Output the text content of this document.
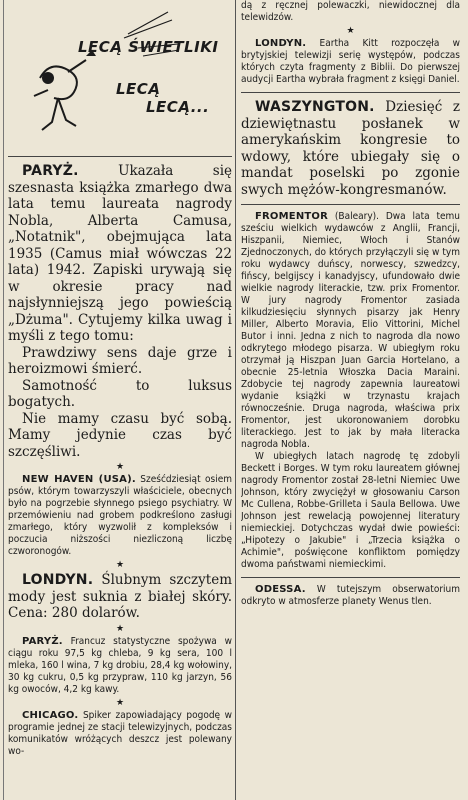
LECĄ ŚWIETLIKI
LECĄ
LECĄ...

PARYŻ. Ukazała się szesnasta książka zmarłego dwa lata temu laureata nagrody Nobla, Alberta Camusa, „Notatnik", obejmująca lata 1935 (Camus miał wówczas 22 lata) 1942. Zapiski urywają się w okresie pracy nad najsłynniejszą jego powieścią „Dżuma". Cytujemy kilka uwag i myśli z tego tomu:

Prawdziwy sens daje grze i heroizmowi śmierć.

Samotność to luksus bogatych.

Nie mamy czasu być sobą. Mamy jedynie czas być szczęśliwi.

★

NEW HAVEN (USA). Sześćdziesiąt osiem psów, którym towarzyszyli właściciele, obecnych było na pogrzebie słynnego psiego psychiatry. W przemówieniu nad grobem podkreślono zasługi zmarłego, który wyzwolił z kompleksów i poczucia niższości niezliczoną liczbę czworonogów.

★

LONDYN. Ślubnym szczytem mody jest suknia z białej skóry. Cena: 280 dolarów.

★

PARYŻ. Francuz statystyczne spożywa w ciągu roku 97,5 kg chleba, 9 kg sera, 100 l mleka, 160 l wina, 7 kg drobiu, 28,4 kg wołowiny, 30 kg cukru, 0,5 kg przypraw, 110 kg jarzyn, 56 kg owoców, 4,2 kg kawy.

★

CHICAGO. Spiker zapowiadający pogodę w programie jednej ze stacji telewizyjnych, podczas komunikatów wróżących deszcz jest polewany wo-

dą z ręcznej polewaczki, niewidocznej dla telewidzów.

★

LONDYN. Eartha Kitt rozpoczęła w brytyjskiej telewizji serię występów, podczas których czyta fragmenty z Biblii. Do pierwszej audycji Eartha wybrała fragment z księgi Daniel.

WASZYNGTON. Dziesięć z dziewiętnastu posłanek w amerykańskim kongresie to wdowy, które ubiegały się o mandat poselski po zgonie swych mężów-kongresmanów.

FROMENTOR (Baleary). Dwa lata temu sześciu wielkich wydawców z Anglii, Francji, Hiszpanii, Niemiec, Włoch i Stanów Zjednoczonych, do których przyłączyli się w tym roku wydawcy duńscy, norwescy, szwedzcy, fińscy, belgijscy i kanadyjscy, ufundowało dwie wielkie nagrody literackie, tzw. prix Fromentor. W jury nagrody Fromentor zasiada kilkudziesięciu słynnych pisarzy jak Henry Miller, Alberto Moravia, Elio Vittorini, Michel Butor i inni. Jedna z nich to nagroda dla nowo odkrytego młodego pisarza. W ubiegłym roku otrzymał ją Hiszpan Juan Garcia Hortelano, a obecnie 25-letnia Włoszka Dacia Maraini. Zdobycie tej nagrody zapewnia laureatowi wydanie książki w trzynastu krajach równocześnie. Druga nagroda, właściwa prix Fromentor, jest ukoronowaniem dorobku literackiego. Jest to jak by mała literacka nagroda Nobla.

W ubiegłych latach nagrodę tę zdobyli Beckett i Borges. W tym roku laureatem głównej nagrody Fromentor został 28-letni Niemiec Uwe Johnson, który zwyciężył w głosowaniu Carson Mc Cullena, Robbe-Grilleta i Saula Bellowa. Uwe Johnson jest rewelacją powojennej literatury niemieckiej. Dotychczas wydał dwie powieści: „Hipotezy o Jakubie" i „Trzecia książka o Achimie", poświęcone konfliktom pomiędzy dwoma państwami niemieckimi.

ODESSA. W tutejszym obserwatorium odkryto w atmosferze planety Wenus tlen.
